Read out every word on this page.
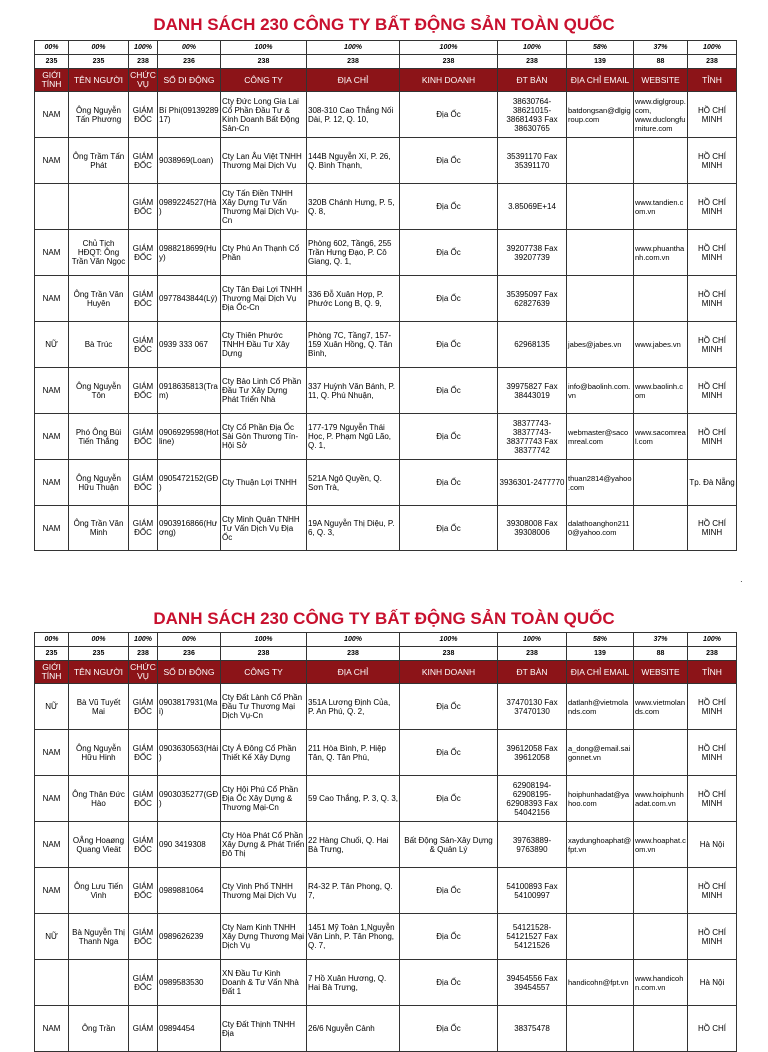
DANH SÁCH 230 CÔNG TY BẤT ĐỘNG SẢN TOÀN QUỐC
00%	00%	100%	00%	100%	100%	100%	100%	58%	37%	100%
235	235	238	236	238	238	238	238	139	88	238
GIỚI TÍNH	TÊN NGƯỜI	CHỨC VỤ	SỐ DI ĐỘNG	CÔNG TY	ĐỊA CHỈ	KINH DOANH	ĐT BÀN	ĐỊA CHỈ EMAIL	WEBSITE	TỈNH
NAM	Ông Nguyễn Tấn Phương	GIÁM ĐỐC	Bí Phi(09139289 17)	Cty Đức Long Gia Lai Cổ Phần Đầu Tư & Kinh Doanh Bất Động Sản-Cn	308-310 Cao Thắng Nối Dài, P. 12, Q. 10,	Địa Ốc	38630764-38621015-38681493 Fax 38630765	batdongsan@dlgigroup.com	www.diglgroup.com, www.duclongfurniture.com	HỒ CHÍ MINH
NAM	Ông Trầm Tấn Phát	GIÁM ĐỐC	9038969(Loan)	Cty Lan Âu Việt TNHH Thương Mại Dịch Vụ	144B Nguyễn Xí, P. 26, Q. Bình Thạnh,	Địa Ốc	35391170 Fax 35391170			HỒ CHÍ MINH
		GIÁM ĐỐC	0989224527(Hà)	Cty Tấn Điền TNHH Xây Dựng Tư Vấn Thương Mại Dịch Vụ-Cn	320B Chánh Hưng, P. 5, Q. 8,	Địa Ốc	3.85069E+14		www.tandien.com.vn	HỒ CHÍ MINH
NAM	Chủ Tịch HĐQT: Ông Trần Văn Ngọc	GIÁM ĐỐC	0988218699(Huy)	Cty Phú An Thạnh Cổ Phần	Phòng 602, Tầng6, 255 Trần Hưng Đạo, P. Cô Giang, Q. 1,	Địa Ốc	39207738 Fax 39207739		www.phuanthanh.com.vn	HỒ CHÍ MINH
NAM	Ông Trần Văn Huyên	GIÁM ĐỐC	0977843844(Lý)	Cty Tân Đại Lợi TNHH Thương Mại Dịch Vụ Địa Ốc-Cn	336 Đỗ Xuân Hợp, P. Phước Long B, Q. 9,	Địa Ốc	35395097 Fax 62827639			HỒ CHÍ MINH
NỮ	Bà Trúc	GIÁM ĐỐC	0939 333 067	Cty Thiên Phước TNHH Đầu Tư Xây Dựng	Phòng 7C, Tầng7, 157-159 Xuân Hồng, Q. Tân Bình,	Địa Ốc	62968135	jabes@jabes.vn	www.jabes.vn	HỒ CHÍ MINH
NAM	Ông Nguyễn Tôn	GIÁM ĐỐC	0918635813(Tram)	Cty Bảo Linh Cổ Phần Đầu Tư Xây Dựng Phát Triển Nhà	337 Huỳnh Văn Bánh, P. 11, Q. Phú Nhuận,	Địa Ốc	39975827 Fax 38443019	info@baolinh.com.vn	www.baolinh.com	HỒ CHÍ MINH
NAM	Phó Ông Bùi Tiến Thắng	GIÁM ĐỐC	0906929598(Hotline)	Cty Cổ Phần Địa Ốc Sài Gòn Thương Tín-Hội Sở	177-179 Nguyễn Thái Học, P. Phạm Ngũ Lão, Q. 1,	Địa Ốc	38377743-38377743-38377743 Fax 38377742	webmaster@sacomreal.com	www.sacomreal.com	HỒ CHÍ MINH
NAM	Ông Nguyễn Hữu Thuận	GIÁM ĐỐC	0905472152(GĐ)	Cty Thuận Lợi TNHH	521A Ngô Quyền, Q. Sơn Trà,	Địa Ốc	3936301-2477770	thuan2814@yahoo.com		Tp. Đà Nẵng
NAM	Ông Trần Văn Minh	GIÁM ĐỐC	0903916866(Hương)	Cty Minh Quân TNHH Tư Vấn Dịch Vụ Địa Ốc	19A Nguyễn Thị Diệu, P. 6, Q. 3,	Địa Ốc	39308008 Fax 39308006	dalathoanghon2110@yahoo.com		HỒ CHÍ MINH
·
DANH SÁCH 230 CÔNG TY BẤT ĐỘNG SẢN TOÀN QUỐC
00%	00%	100%	00%	100%	100%	100%	100%	58%	37%	100%
235	235	238	236	238	238	238	238	139	88	238
GIỚI TÍNH	TÊN NGƯỜI	CHỨC VỤ	SỐ DI ĐỘNG	CÔNG TY	ĐỊA CHỈ	KINH DOANH	ĐT BÀN	ĐỊA CHỈ EMAIL	WEBSITE	TỈNH
NỮ	Bà Vũ Tuyết Mai	GIÁM ĐỐC	0903817931(Mai)	Cty Đất Lành Cổ Phần Đầu Tư Thương Mại Dịch Vụ-Cn	351A Lương Định Của, P. An Phú, Q. 2,	Địa Ốc	37470130 Fax 37470130	datlanh@vietmolands.com	www.vietmolands.com	HỒ CHÍ MINH
NAM	Ông Nguyễn Hữu Hinh	GIÁM ĐỐC	0903630563(Hải)	Cty Á Đông Cổ Phần Thiết Kế Xây Dựng	211 Hòa Bình, P. Hiệp Tân, Q. Tân Phú,	Địa Ốc	39612058 Fax 39612058	a_dong@email.saigonnet.vn		HỒ CHÍ MINH
NAM	Ông Thân Đức Hào	GIÁM ĐỐC	0903035277(GĐ)	Cty Hội Phú Cổ Phần Địa Ốc Xây Dựng & Thương Mại-Cn	59 Cao Thắng, P. 3, Q. 3,	Địa Ốc	62908194-62908195-62908393 Fax 54042156	hoiphunhadat@yahoo.com	www.hoiphunhadat.com.vn	HỒ CHÍ MINH
NAM	OÂng Hoaøng Quang Vieät	GIÁM ĐỐC	090 3419308	Cty Hòa Phát Cổ Phần Xây Dựng & Phát Triển Đô Thị	22 Hàng Chuối, Q. Hai Bà Trưng,	Bất Động Sản-Xây Dựng & Quản Lý	39763889-9763890	xaydunghoaphat@fpt.vn	www.hoaphat.com.vn	Hà Nội
NAM	Ông Lưu Tiến Vinh	GIÁM ĐỐC	0989881064	Cty Vinh Phố TNHH Thương Mại Dịch Vụ	R4-32 P. Tân Phong, Q. 7,	Địa Ốc	54100893 Fax 54100997			HỒ CHÍ MINH
NỮ	Bà Nguyễn Thị Thanh Nga	GIÁM ĐỐC	0989626239	Cty Nam Kinh TNHH Xây Dựng Thương Mại Dịch Vụ	1451 Mỹ Toàn 1,Nguyễn Văn Linh, P. Tân Phong, Q. 7,	Địa Ốc	54121528-54121527 Fax 54121526			HỒ CHÍ MINH
		GIÁM ĐỐC	0989583530	XN Đầu Tư Kinh Doanh & Tư Vấn Nhà Đất 1	7 Hồ Xuân Hương, Q. Hai Bà Trưng,	Địa Ốc	39454556 Fax 39454557	handicohn@fpt.vn	www.handicohn.com.vn	Hà Nội
NAM	Ông Trần	GIÁM	09894454	Cty Đất Thịnh TNHH Địa	26/6 Nguyễn Cảnh	Địa Ốc	38375478			HỒ CHÍ
